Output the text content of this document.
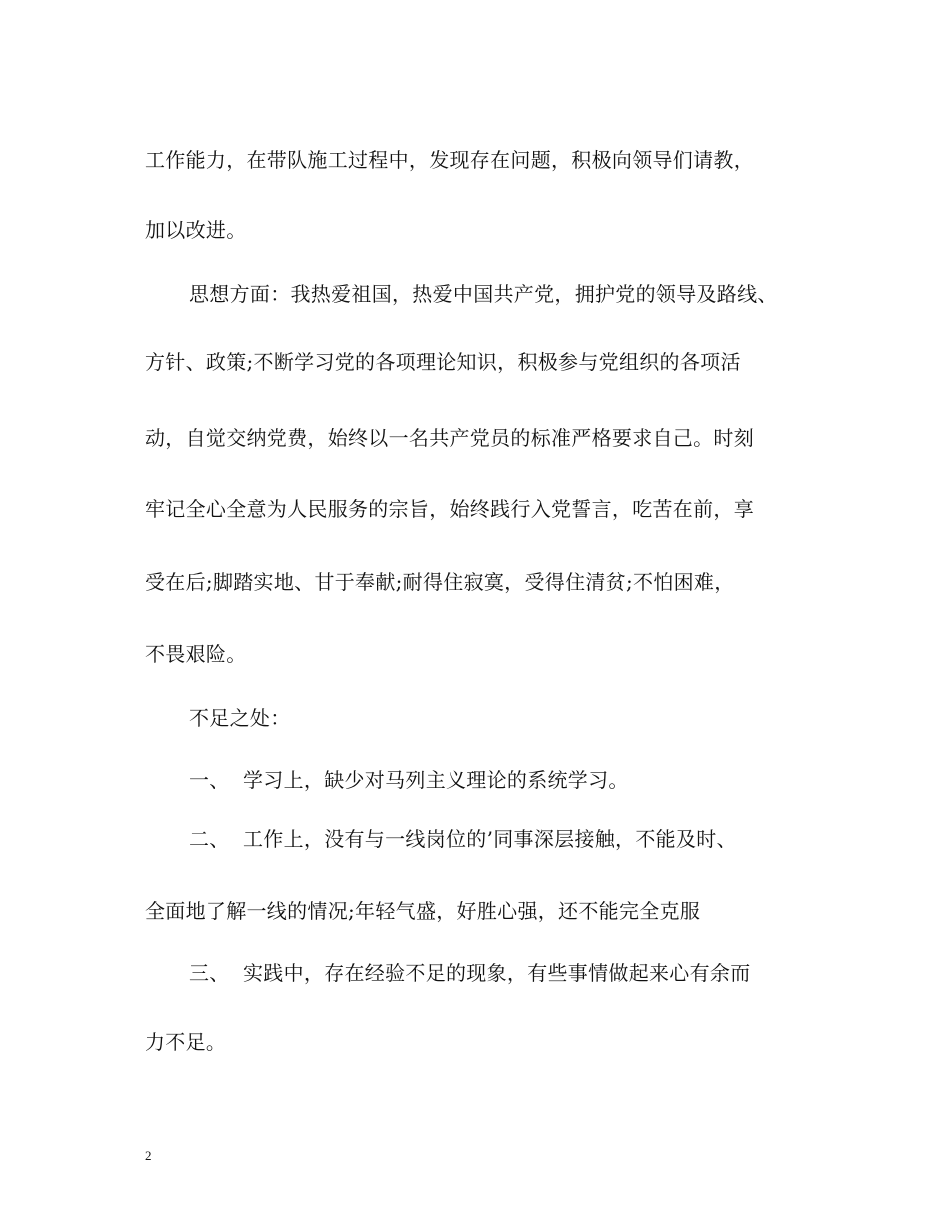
工作能力，在带队施工过程中，发现存在问题，积极向领导们请教，
加以改进。
思想方面：我热爱祖国，热爱中国共产党，拥护党的领导及路线、
方针、政策;不断学习党的各项理论知识，积极参与党组织的各项活
动，自觉交纳党费，始终以一名共产党员的标准严格要求自己。时刻
牢记全心全意为人民服务的宗旨，始终践行入党誓言，吃苦在前，享
受在后;脚踏实地、甘于奉献;耐得住寂寞，受得住清贫;不怕困难，
不畏艰险。
不足之处：
一、 学习上，缺少对马列主义理论的系统学习。
二、 工作上，没有与一线岗位的’同事深层接触，不能及时、
全面地了解一线的情况;年轻气盛，好胜心强，还不能完全克服
三、 实践中，存在经验不足的现象，有些事情做起来心有余而
力不足。
2
